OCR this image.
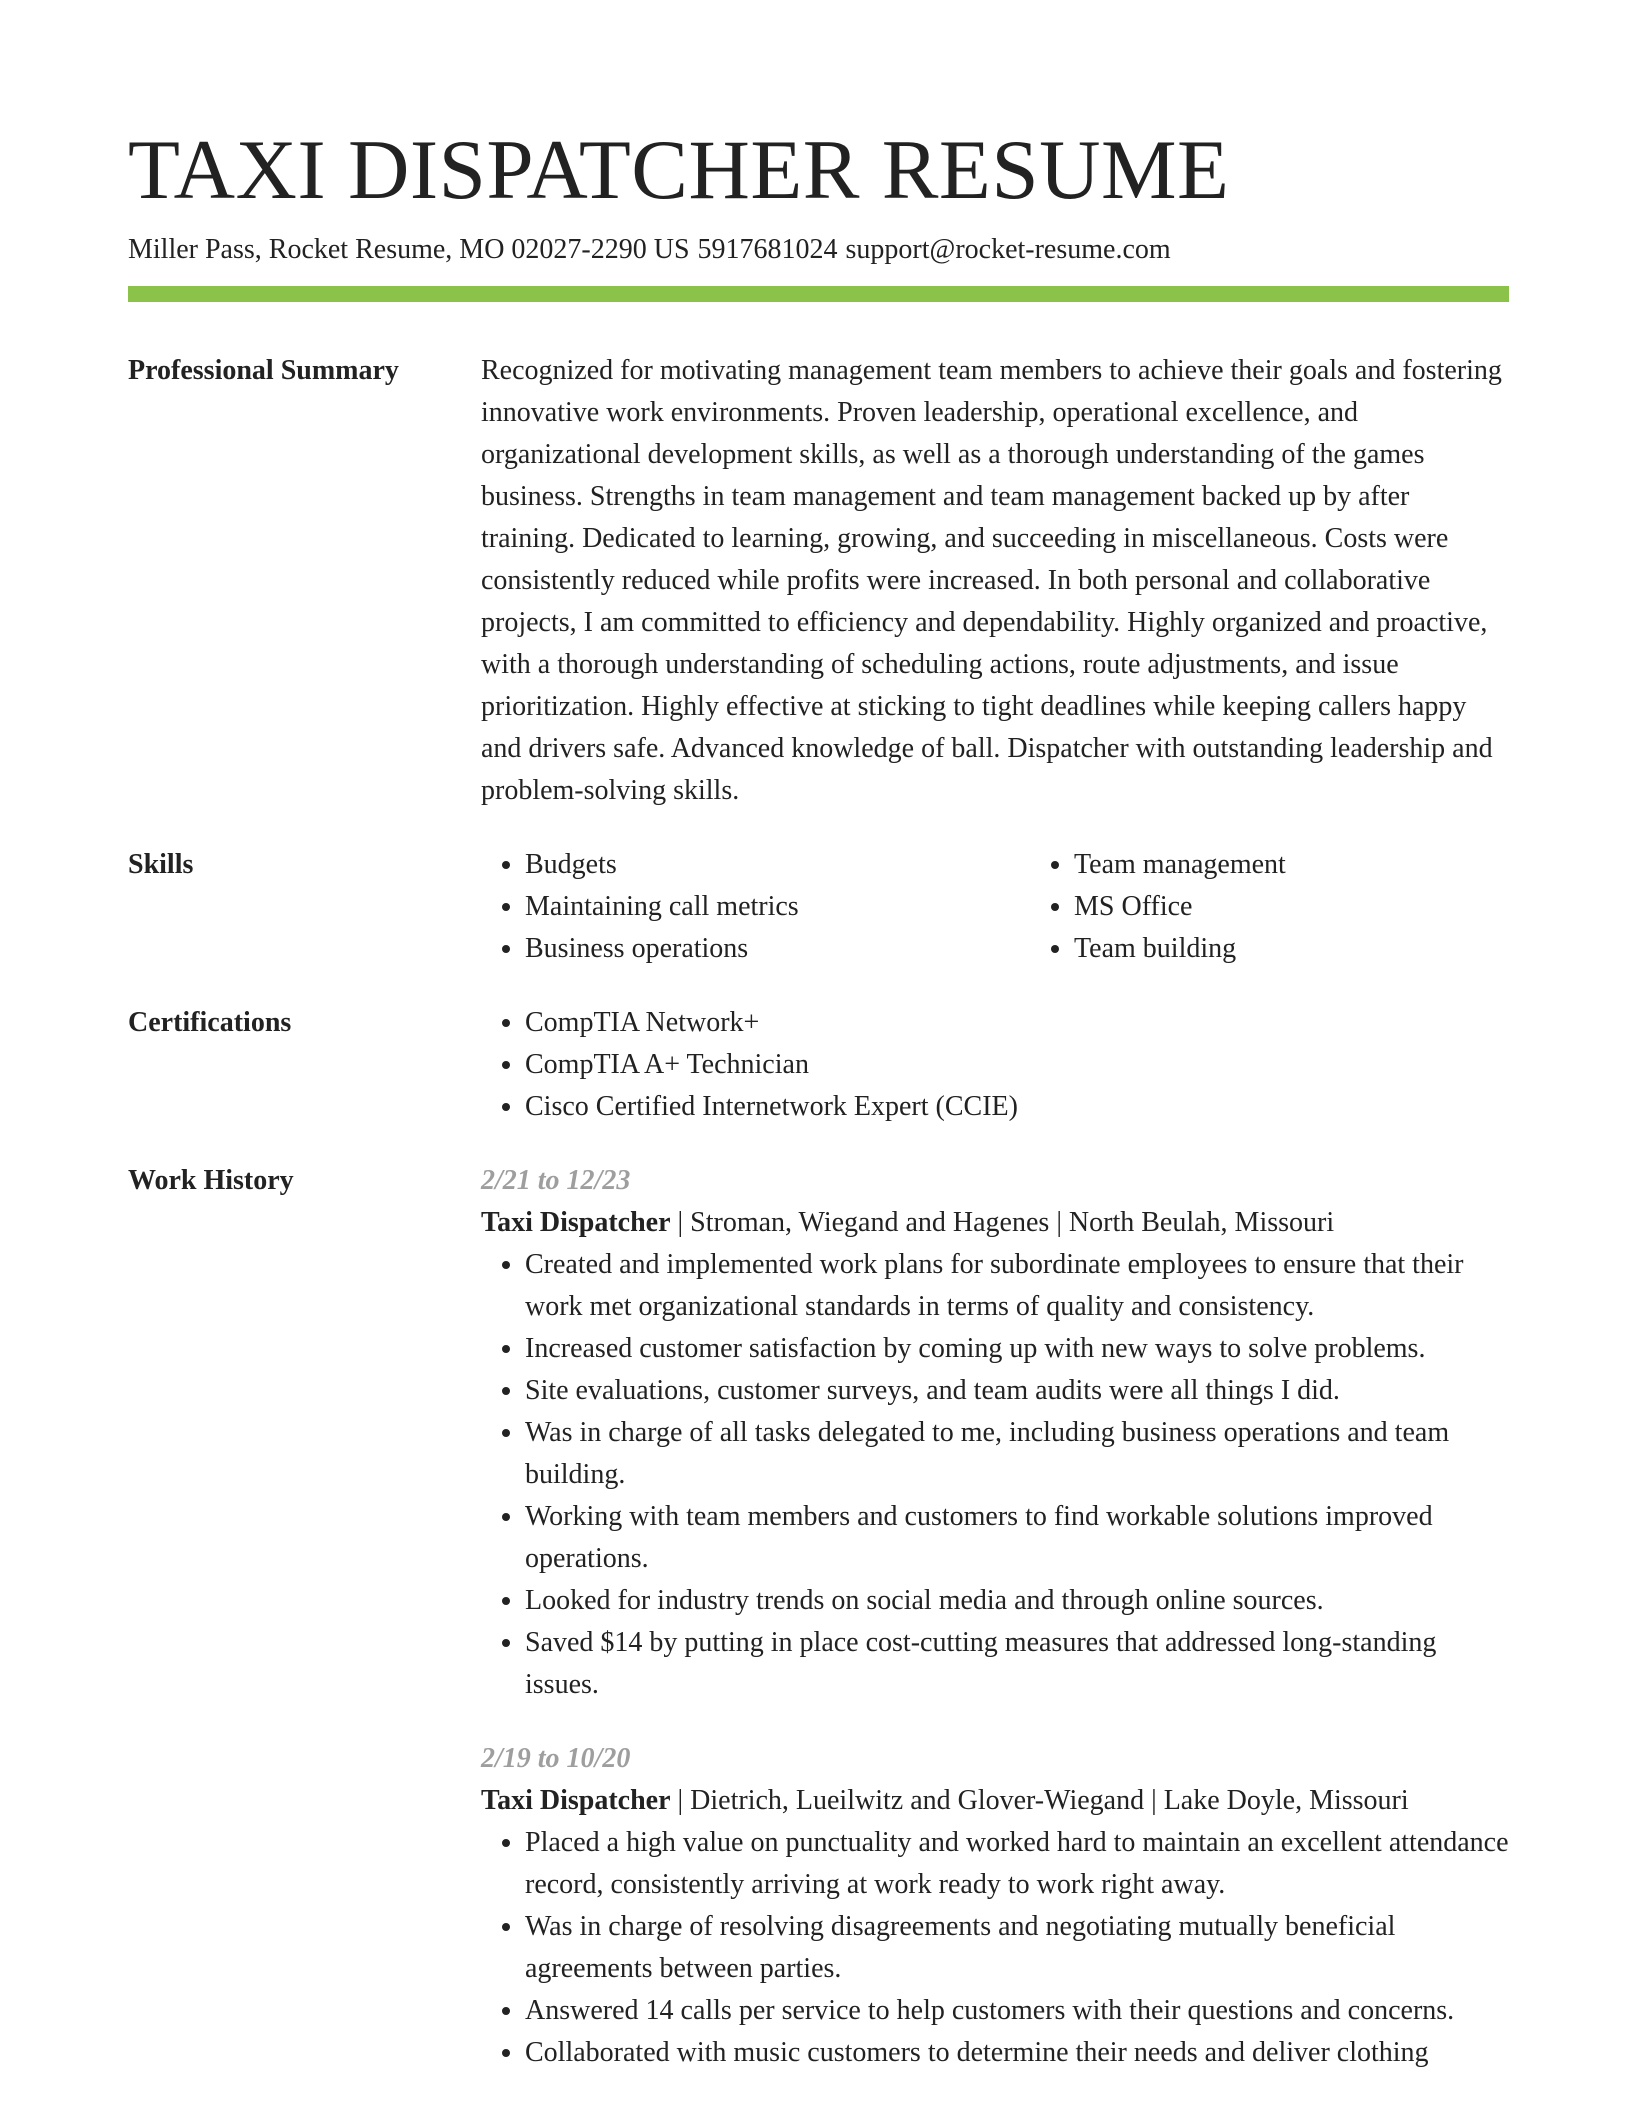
TAXI DISPATCHER RESUME
Miller Pass, Rocket Resume, MO 02027-2290 US 5917681024 support@rocket-resume.com
Professional Summary	Recognized for motivating management team members to achieve their goals and fostering innovative work environments. Proven leadership, operational excellence, and organizational development skills, as well as a thorough understanding of the games business. Strengths in team management and team management backed up by after training. Dedicated to learning, growing, and succeeding in miscellaneous. Costs were consistently reduced while profits were increased. In both personal and collaborative projects, I am committed to efficiency and dependability. Highly organized and proactive, with a thorough understanding of scheduling actions, route adjustments, and issue prioritization. Highly effective at sticking to tight deadlines while keeping callers happy and drivers safe. Advanced knowledge of ball. Dispatcher with outstanding leadership and problem-solving skills.

Skills	• Budgets
• Maintaining call metrics
• Business operations
• Team management
• MS Office
• Team building
Certifications	• CompTIA Network+
• CompTIA A+ Technician
• Cisco Certified Internetwork Expert (CCIE)
Work History	2/21 to 12/23

Taxi Dispatcher | Stroman, Wiegand and Hagenes | North Beulah, Missouri

• Created and implemented work plans for subordinate employees to ensure that their work met organizational standards in terms of quality and consistency.
• Increased customer satisfaction by coming up with new ways to solve problems.
• Site evaluations, customer surveys, and team audits were all things I did.
• Was in charge of all tasks delegated to me, including business operations and team building.
• Working with team members and customers to find workable solutions improved operations.
• Looked for industry trends on social media and through online sources.
• Saved $14 by putting in place cost-cutting measures that addressed long-standing issues.

2/19 to 10/20

Taxi Dispatcher | Dietrich, Lueilwitz and Glover-Wiegand | Lake Doyle, Missouri

• Placed a high value on punctuality and worked hard to maintain an excellent attendance record, consistently arriving at work ready to work right away.
• Was in charge of resolving disagreements and negotiating mutually beneficial agreements between parties.
• Answered 14 calls per service to help customers with their questions and concerns.
• Collaborated with music customers to determine their needs and deliver clothing
